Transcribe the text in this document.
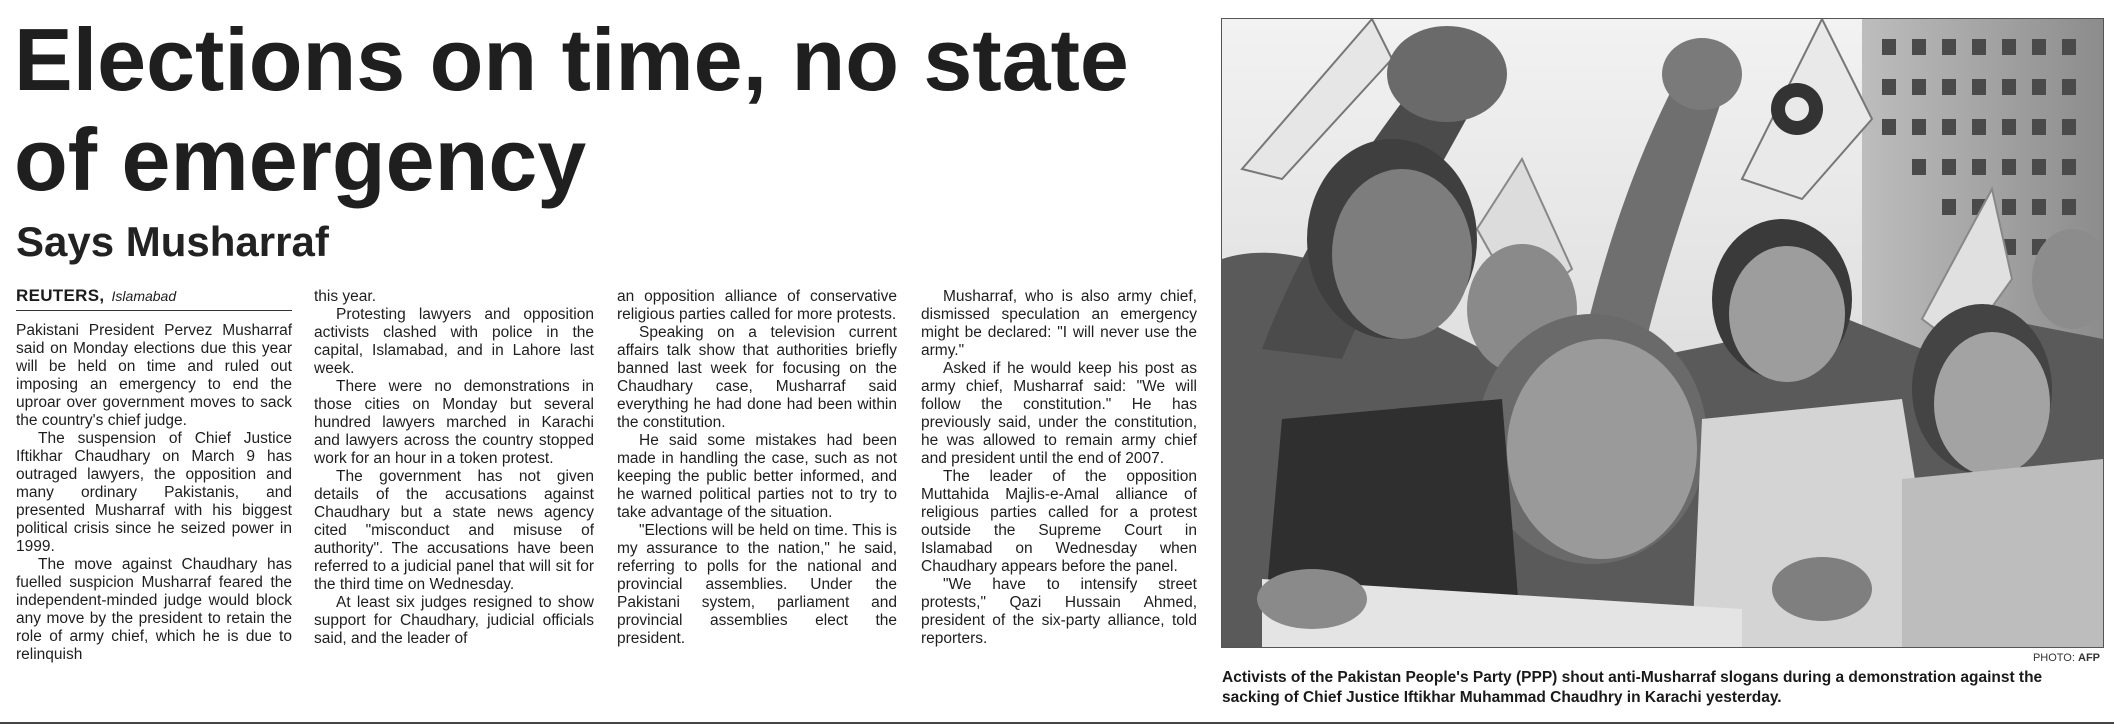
Elections on time, no state of emergency
Says Musharraf
REUTERS, Islamabad

Pakistani President Pervez Musharraf said on Monday elections due this year will be held on time and ruled out imposing an emergency to end the uproar over government moves to sack the country's chief judge.

The suspension of Chief Justice Iftikhar Chaudhary on March 9 has outraged lawyers, the opposition and many ordinary Pakistanis, and presented Musharraf with his biggest political crisis since he seized power in 1999.

The move against Chaudhary has fuelled suspicion Musharraf feared the independent-minded judge would block any move by the president to retain the role of army chief, which he is due to relinquish

this year.

Protesting lawyers and opposition activists clashed with police in the capital, Islamabad, and in Lahore last week.

There were no demonstrations in those cities on Monday but several hundred lawyers marched in Karachi and lawyers across the country stopped work for an hour in a token protest.

The government has not given details of the accusations against Chaudhary but a state news agency cited "misconduct and misuse of authority". The accusations have been referred to a judicial panel that will sit for the third time on Wednesday.

At least six judges resigned to show support for Chaudhary, judicial officials said, and the leader of

an opposition alliance of conservative religious parties called for more protests.

Speaking on a television current affairs talk show that authorities briefly banned last week for focusing on the Chaudhary case, Musharraf said everything he had done had been within the constitution.

He said some mistakes had been made in handling the case, such as not keeping the public better informed, and he warned political parties not to try to take advantage of the situation.

"Elections will be held on time. This is my assurance to the nation," he said, referring to polls for the national and provincial assemblies. Under the Pakistani system, parliament and provincial assemblies elect the president.

Musharraf, who is also army chief, dismissed speculation an emergency might be declared: "I will never use the army."

Asked if he would keep his post as army chief, Musharraf said: "We will follow the constitution." He has previously said, under the constitution, he was allowed to remain army chief and president until the end of 2007.

The leader of the opposition Muttahida Majlis-e-Amal alliance of religious parties called for a protest outside the Supreme Court in Islamabad on Wednesday when Chaudhary appears before the panel.

"We have to intensify street protests," Qazi Hussain Ahmed, president of the six-party alliance, told reporters.

PHOTO: AFP

Activists of the Pakistan People's Party (PPP) shout anti-Musharraf slogans during a demonstration against the sacking of Chief Justice Iftikhar Muhammad Chaudhry in Karachi yesterday.
